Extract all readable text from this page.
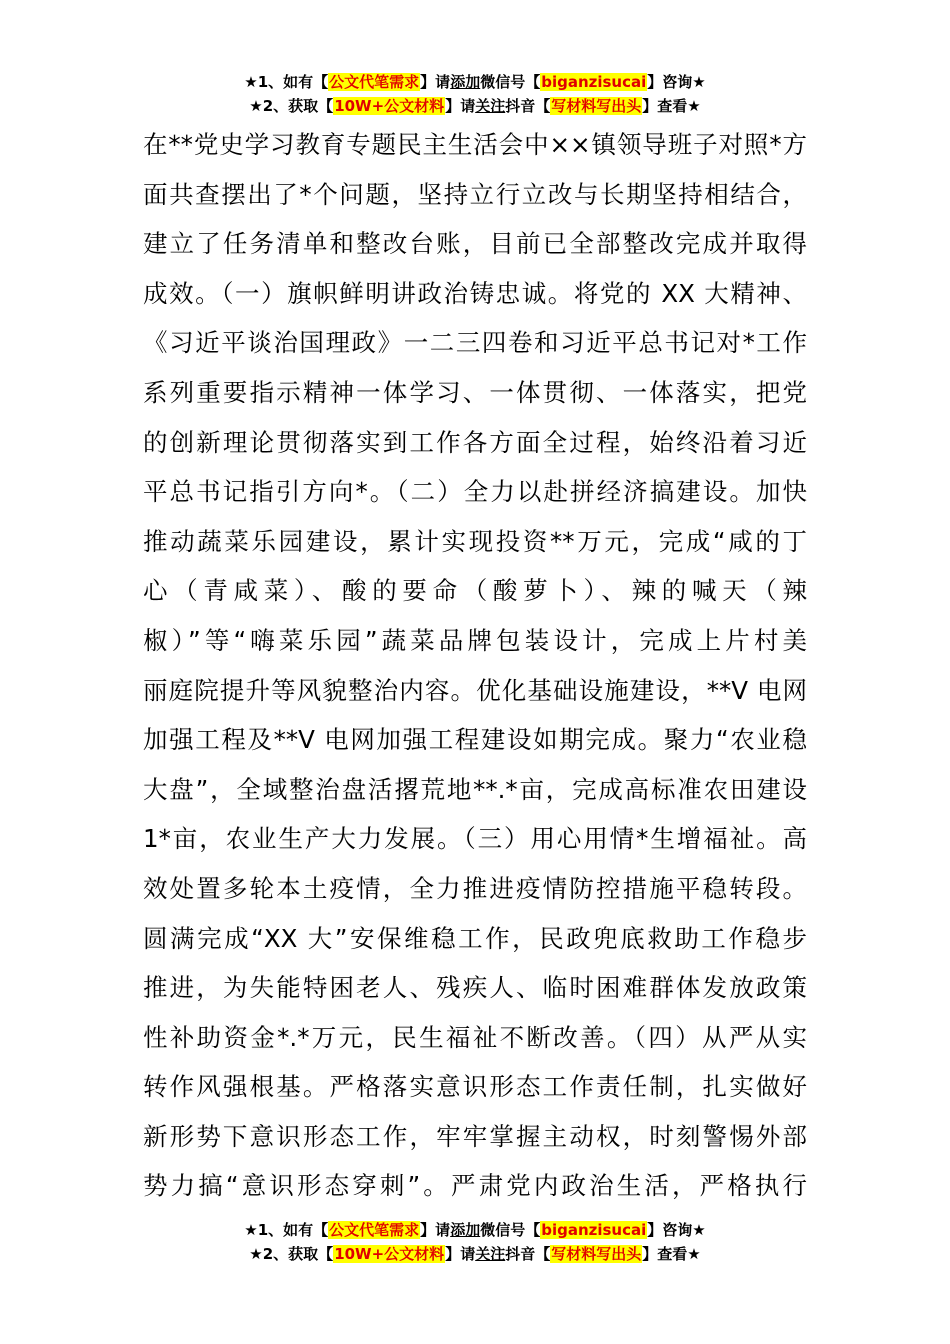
★1、如有【公文代笔需求】请添加微信号【biganzisucai】咨询★
★2、获取【10W+公文材料】请关注抖音【写材料写出头】查看★
在**党史学习教育专题民主生活会中××镇领导班子对照*方
面共查摆出了*个问题，坚持立行立改与长期坚持相结合，
建立了任务清单和整改台账，目前已全部整改完成并取得
成效。（一）旗帜鲜明讲政治铸忠诚。将党的 XX 大精神、
《习近平谈治国理政》一二三四卷和习近平总书记对*工作
系列重要指示精神一体学习、一体贯彻、一体落实，把党
的创新理论贯彻落实到工作各方面全过程，始终沿着习近
平总书记指引方向*。（二）全力以赴拼经济搞建设。加快
推动蔬菜乐园建设，累计实现投资**万元，完成“咸的丁
心（青咸菜）、酸的要命（酸萝卜）、辣的喊天（辣
椒）”等“嗨菜乐园”蔬菜品牌包装设计，完成上片村美
丽庭院提升等风貌整治内容。优化基础设施建设，**V 电网
加强工程及**V 电网加强工程建设如期完成。聚力“农业稳
大盘”，全域整治盘活撂荒地**.*亩，完成高标准农田建设
1*亩，农业生产大力发展。（三）用心用情*生增福祉。高
效处置多轮本土疫情，全力推进疫情防控措施平稳转段。
圆满完成“XX 大”安保维稳工作，民政兜底救助工作稳步
推进，为失能特困老人、残疾人、临时困难群体发放政策
性补助资金*.*万元，民生福祉不断改善。（四）从严从实
转作风强根基。严格落实意识形态工作责任制，扎实做好
新形势下意识形态工作，牢牢掌握主动权，时刻警惕外部
势力搞“意识形态穿刺”。严肃党内政治生活，严格执行
★1、如有【公文代笔需求】请添加微信号【biganzisucai】咨询★
★2、获取【10W+公文材料】请关注抖音【写材料写出头】查看★
